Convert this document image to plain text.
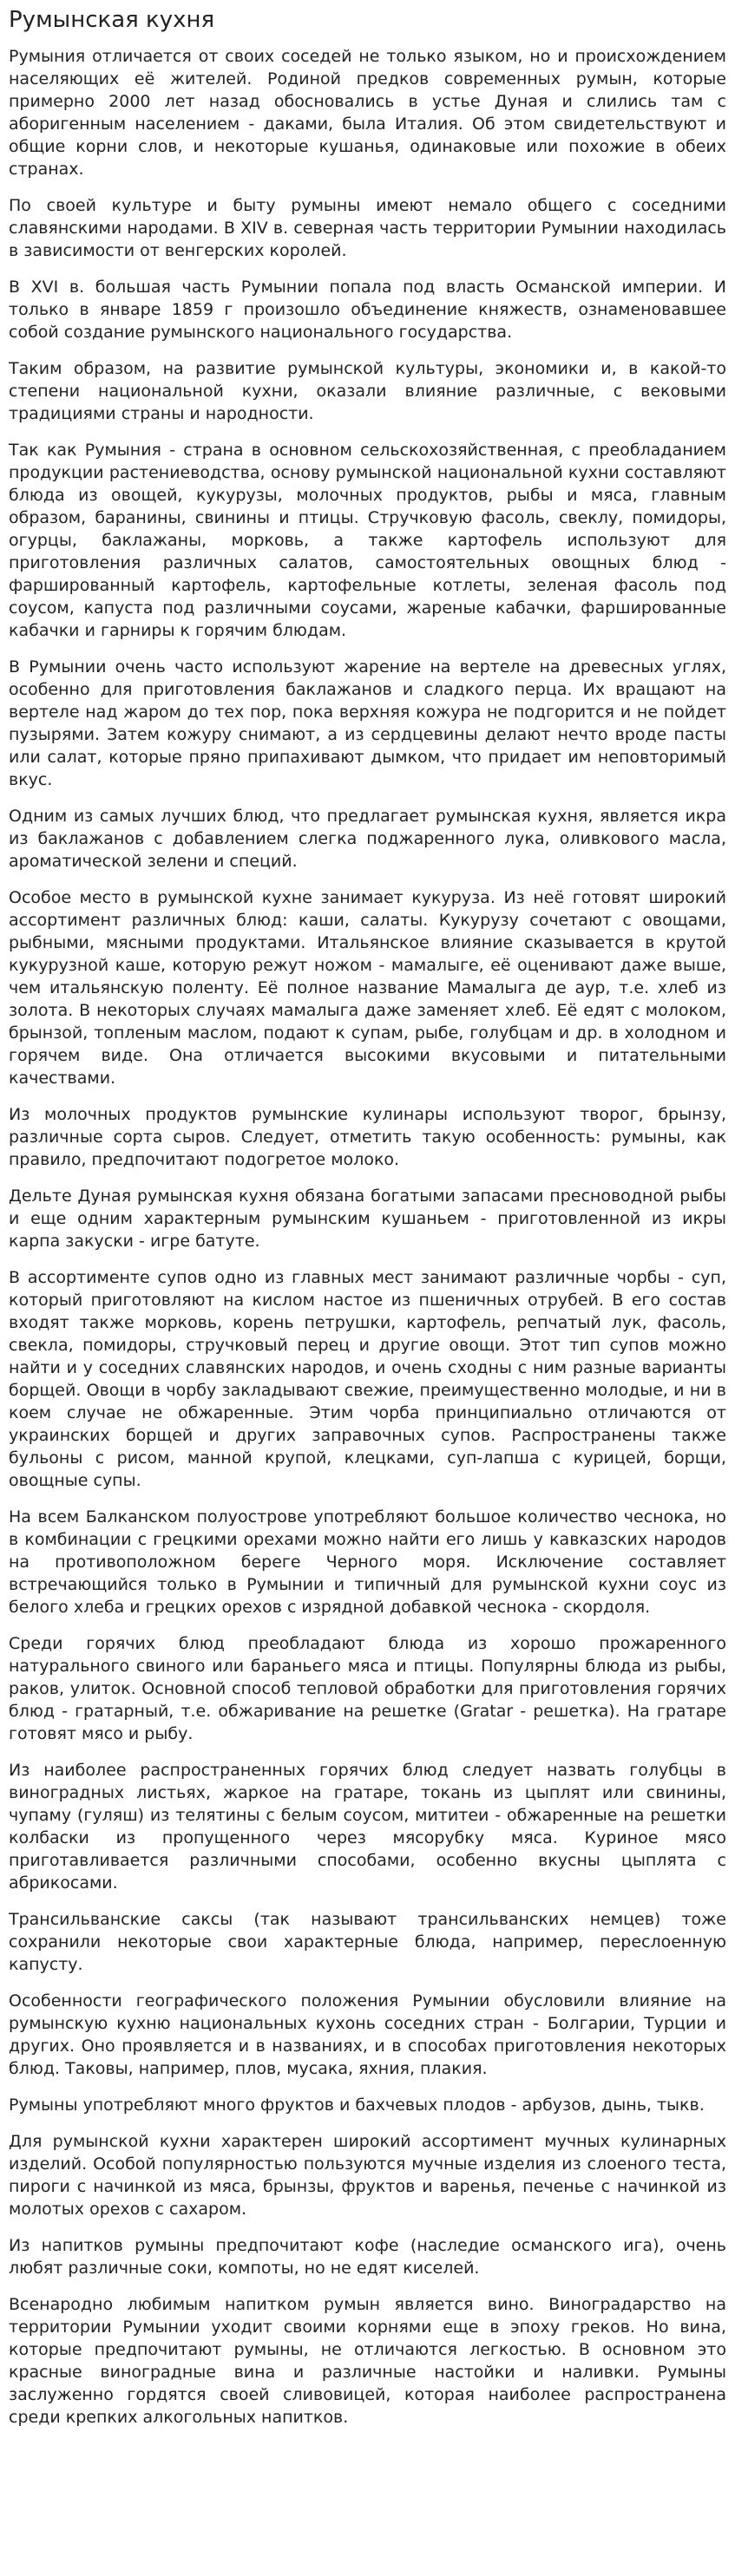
Румынская кухня

Румыния отличается от своих соседей не только языком, но и происхождением населяющих её жителей. Родиной предков современных румын, которые примерно 2000 лет назад обосновались в устье Дуная и слились там с аборигенным населением - даками, была Италия. Об этом свидетельствуют и общие корни слов, и некоторые кушанья, одинаковые или похожие в обеих странах.

По своей культуре и быту румыны имеют немало общего с соседними славянскими народами. В XIV в. северная часть территории Румынии находилась в зависимости от венгерских королей.

В XVI в. большая часть Румынии попала под власть Османской империи. И только в январе 1859 г произошло объединение княжеств, ознаменовавшее собой создание румынского национального государства.

Таким образом, на развитие румынской культуры, экономики и, в какой-то степени национальной кухни, оказали влияние различные, с вековыми традициями страны и народности.

Так как Румыния - страна в основном сельскохозяйственная, с преобладанием продукции растениеводства, основу румынской национальной кухни составляют блюда из овощей, кукурузы, молочных продуктов, рыбы и мяса, главным образом, баранины, свинины и птицы. Стручковую фасоль, свеклу, помидоры, огурцы, баклажаны, морковь, а также картофель используют для приготовления различных салатов, самостоятельных овощных блюд - фаршированный картофель, картофельные котлеты, зеленая фасоль под соусом, капуста под различными соусами, жареные кабачки, фаршированные кабачки и гарниры к горячим блюдам.

В Румынии очень часто используют жарение на вертеле на древесных углях, особенно для приготовления баклажанов и сладкого перца. Их вращают на вертеле над жаром до тех пор, пока верхняя кожура не подгорится и не пойдет пузырями. Затем кожуру снимают, а из сердцевины делают нечто вроде пасты или салат, которые пряно припахивают дымком, что придает им неповторимый вкус.

Одним из самых лучших блюд, что предлагает румынская кухня, является икра из баклажанов с добавлением слегка поджаренного лука, оливкового масла, ароматической зелени и специй.

Особое место в румынской кухне занимает кукуруза. Из неё готовят широкий ассортимент различных блюд: каши, салаты. Кукурузу сочетают с овощами, рыбными, мясными продуктами. Итальянское влияние сказывается в крутой кукурузной каше, которую режут ножом - мамалыге, её оценивают даже выше, чем итальянскую поленту. Её полное название Мамалыга де аур, т.е. хлеб из золота. В некоторых случаях мамалыга даже заменяет хлеб. Её едят с молоком, брынзой, топленым маслом, подают к супам, рыбе, голубцам и др. в холодном и горячем виде. Она отличается высокими вкусовыми и питательными качествами.

Из молочных продуктов румынские кулинары используют творог, брынзу, различные сорта сыров. Следует, отметить такую особенность: румыны, как правило, предпочитают подогретое молоко.

Дельте Дуная румынская кухня обязана богатыми запасами пресноводной рыбы и еще одним характерным румынским кушаньем - приготовленной из икры карпа закуски - игре батуте.

В ассортименте супов одно из главных мест занимают различные чорбы - суп, который приготовляют на кислом настое из пшеничных отрубей. В его состав входят также морковь, корень петрушки, картофель, репчатый лук, фасоль, свекла, помидоры, стручковый перец и другие овощи. Этот тип супов можно найти и у соседних славянских народов, и очень сходны с ним разные варианты борщей. Овощи в чорбу закладывают свежие, преимущественно молодые, и ни в коем случае не обжаренные. Этим чорба принципиально отличаются от украинских борщей и других заправочных супов. Распространены также бульоны с рисом, манной крупой, клецками, суп-лапша с курицей, борщи, овощные супы.

На всем Балканском полуострове употребляют большое количество чеснока, но в комбинации с грецкими орехами можно найти его лишь у кавказских народов на противоположном береге Черного моря. Исключение составляет встречающийся только в Румынии и типичный для румынской кухни соус из белого хлеба и грецких орехов с изрядной добавкой чеснока - скордоля.

Среди горячих блюд преобладают блюда из хорошо прожаренного натурального свиного или бараньего мяса и птицы. Популярны блюда из рыбы, раков, улиток. Основной способ тепловой обработки для приготовления горячих блюд - гратарный, т.е. обжаривание на решетке (Gratar - решетка). На гратаре готовят мясо и рыбу.

Из наиболее распространенных горячих блюд следует назвать голубцы в виноградных листьях, жаркое на гратаре, токань из цыплят или свинины, чупаму (гуляш) из телятины с белым соусом, мититеи - обжаренные на решетки колбаски из пропущенного через мясорубку мяса. Куриное мясо приготавливается различными способами, особенно вкусны цыплята с абрикосами.

Трансильванские саксы (так называют трансильванских немцев) тоже сохранили некоторые свои характерные блюда, например, переслоенную капусту.

Особенности географического положения Румынии обусловили влияние на румынскую кухню национальных кухонь соседних стран - Болгарии, Турции и других. Оно проявляется и в названиях, и в способах приготовления некоторых блюд. Таковы, например, плов, мусака, яхния, плакия.

Румыны употребляют много фруктов и бахчевых плодов - арбузов, дынь, тыкв.

Для румынской кухни характерен широкий ассортимент мучных кулинарных изделий. Особой популярностью пользуются мучные изделия из слоеного теста, пироги с начинкой из мяса, брынзы, фруктов и варенья, печенье с начинкой из молотых орехов с сахаром.

Из напитков румыны предпочитают кофе (наследие османского ига), очень любят различные соки, компоты, но не едят киселей.

Всенародно любимым напитком румын является вино. Виноградарство на территории Румынии уходит своими корнями еще в эпоху греков. Но вина, которые предпочитают румыны, не отличаются легкостью. В основном это красные виноградные вина и различные настойки и наливки. Румыны заслуженно гордятся своей сливовицей, которая наиболее распространена среди крепких алкогольных напитков.
